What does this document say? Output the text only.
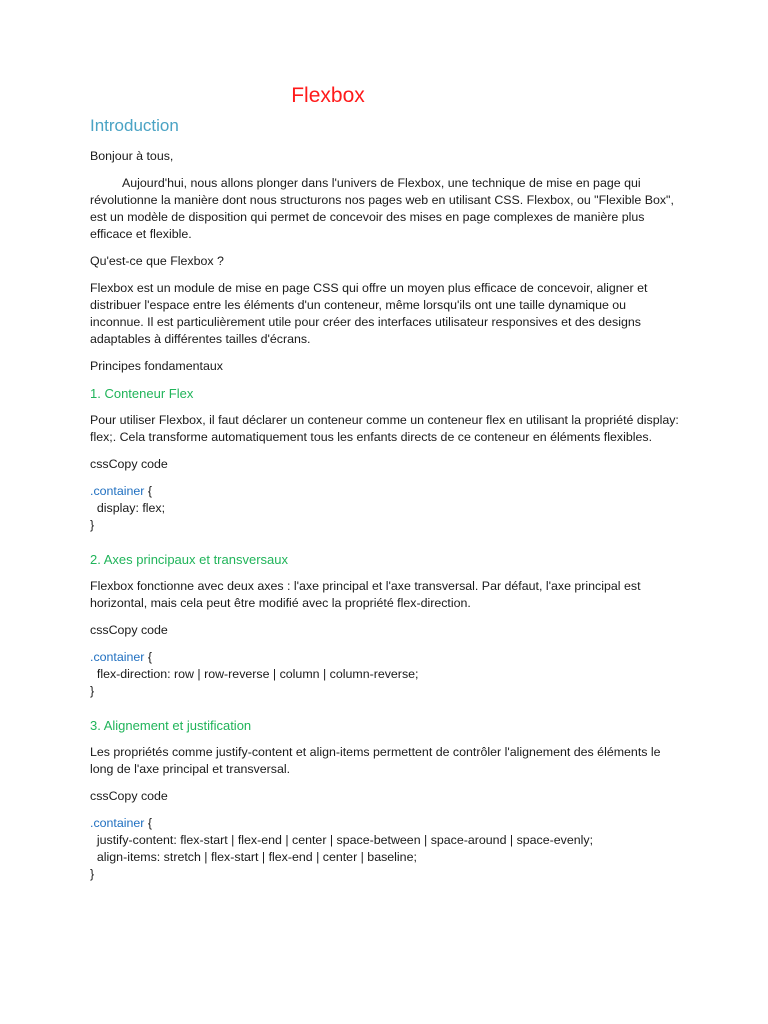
Flexbox
Introduction

Bonjour à tous,

Aujourd'hui, nous allons plonger dans l'univers de Flexbox, une technique de mise en page qui révolutionne la manière dont nous structurons nos pages web en utilisant CSS. Flexbox, ou "Flexible Box", est un modèle de disposition qui permet de concevoir des mises en page complexes de manière plus efficace et flexible.

Qu'est-ce que Flexbox ?

Flexbox est un module de mise en page CSS qui offre un moyen plus efficace de concevoir, aligner et distribuer l'espace entre les éléments d'un conteneur, même lorsqu'ils ont une taille dynamique ou inconnue. Il est particulièrement utile pour créer des interfaces utilisateur responsives et des designs adaptables à différentes tailles d'écrans.

Principes fondamentaux

1. Conteneur Flex

Pour utiliser Flexbox, il faut déclarer un conteneur comme un conteneur flex en utilisant la propriété display: flex;. Cela transforme automatiquement tous les enfants directs de ce conteneur en éléments flexibles.

cssCopy code

.container {
display: flex;
}

2. Axes principaux et transversaux

Flexbox fonctionne avec deux axes : l'axe principal et l'axe transversal. Par défaut, l'axe principal est horizontal, mais cela peut être modifié avec la propriété flex-direction.

cssCopy code

.container {
flex-direction: row | row-reverse | column | column-reverse;
}

3. Alignement et justification

Les propriétés comme justify-content et align-items permettent de contrôler l'alignement des éléments le long de l'axe principal et transversal.

cssCopy code

.container {
justify-content: flex-start | flex-end | center | space-between | space-around | space-evenly;
align-items: stretch | flex-start | flex-end | center | baseline;
}
